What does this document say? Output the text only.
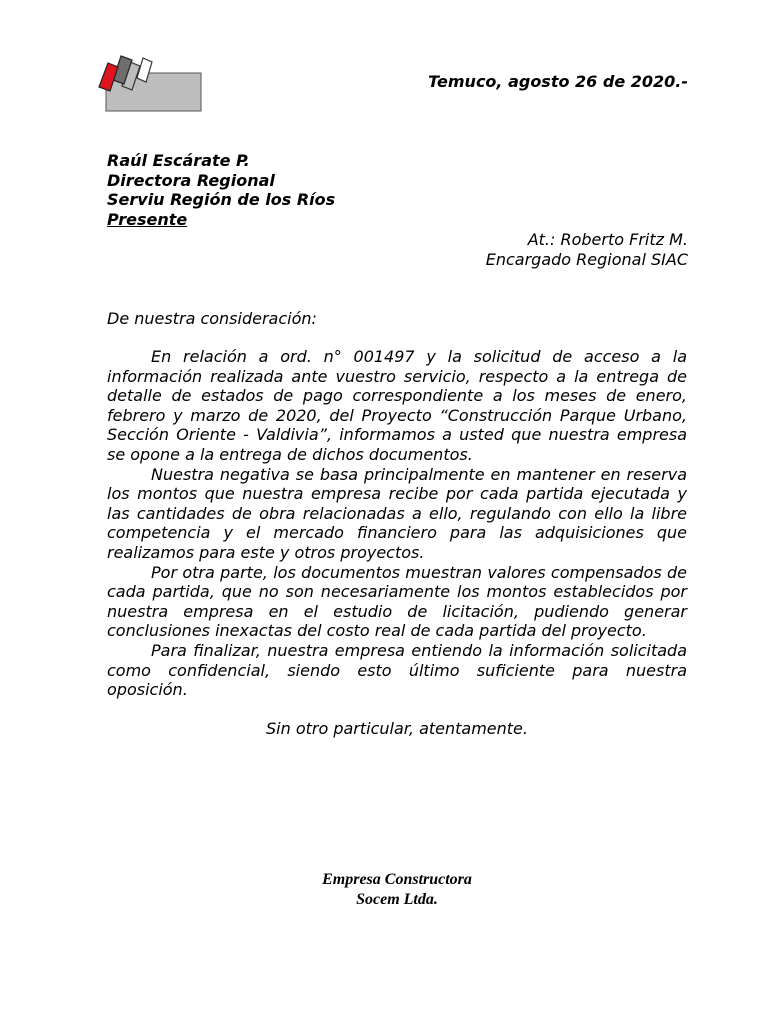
Temuco, agosto 26 de 2020.-
Raúl Escárate P.
Directora Regional
Serviu Región de los Ríos
Presente
At.: Roberto Fritz M.
Encargado Regional SIAC
De nuestra consideración:

En relación a ord. n° 001497 y la solicitud de acceso a la información realizada ante vuestro servicio, respecto a la entrega de detalle de estados de pago correspondiente a los meses de enero, febrero y marzo de 2020, del Proyecto “Construcción Parque Urbano, Sección Oriente - Valdivia”, informamos a usted que nuestra empresa se opone a la entrega de dichos documentos.

Nuestra negativa se basa principalmente en mantener en reserva los montos que nuestra empresa recibe por cada partida ejecutada y las cantidades de obra relacionadas a ello, regulando con ello la libre competencia y el mercado financiero para las adquisiciones que realizamos para este y otros proyectos.

Por otra parte, los documentos muestran valores compensados de cada partida, que no son necesariamente los montos establecidos por nuestra empresa en el estudio de licitación, pudiendo generar conclusiones inexactas del costo real de cada partida del proyecto.

Para finalizar, nuestra empresa entiendo la información solicitada como confidencial, siendo esto último suficiente para nuestra oposición.

Sin otro particular, atentamente.
Empresa Constructora
Socem Ltda.
